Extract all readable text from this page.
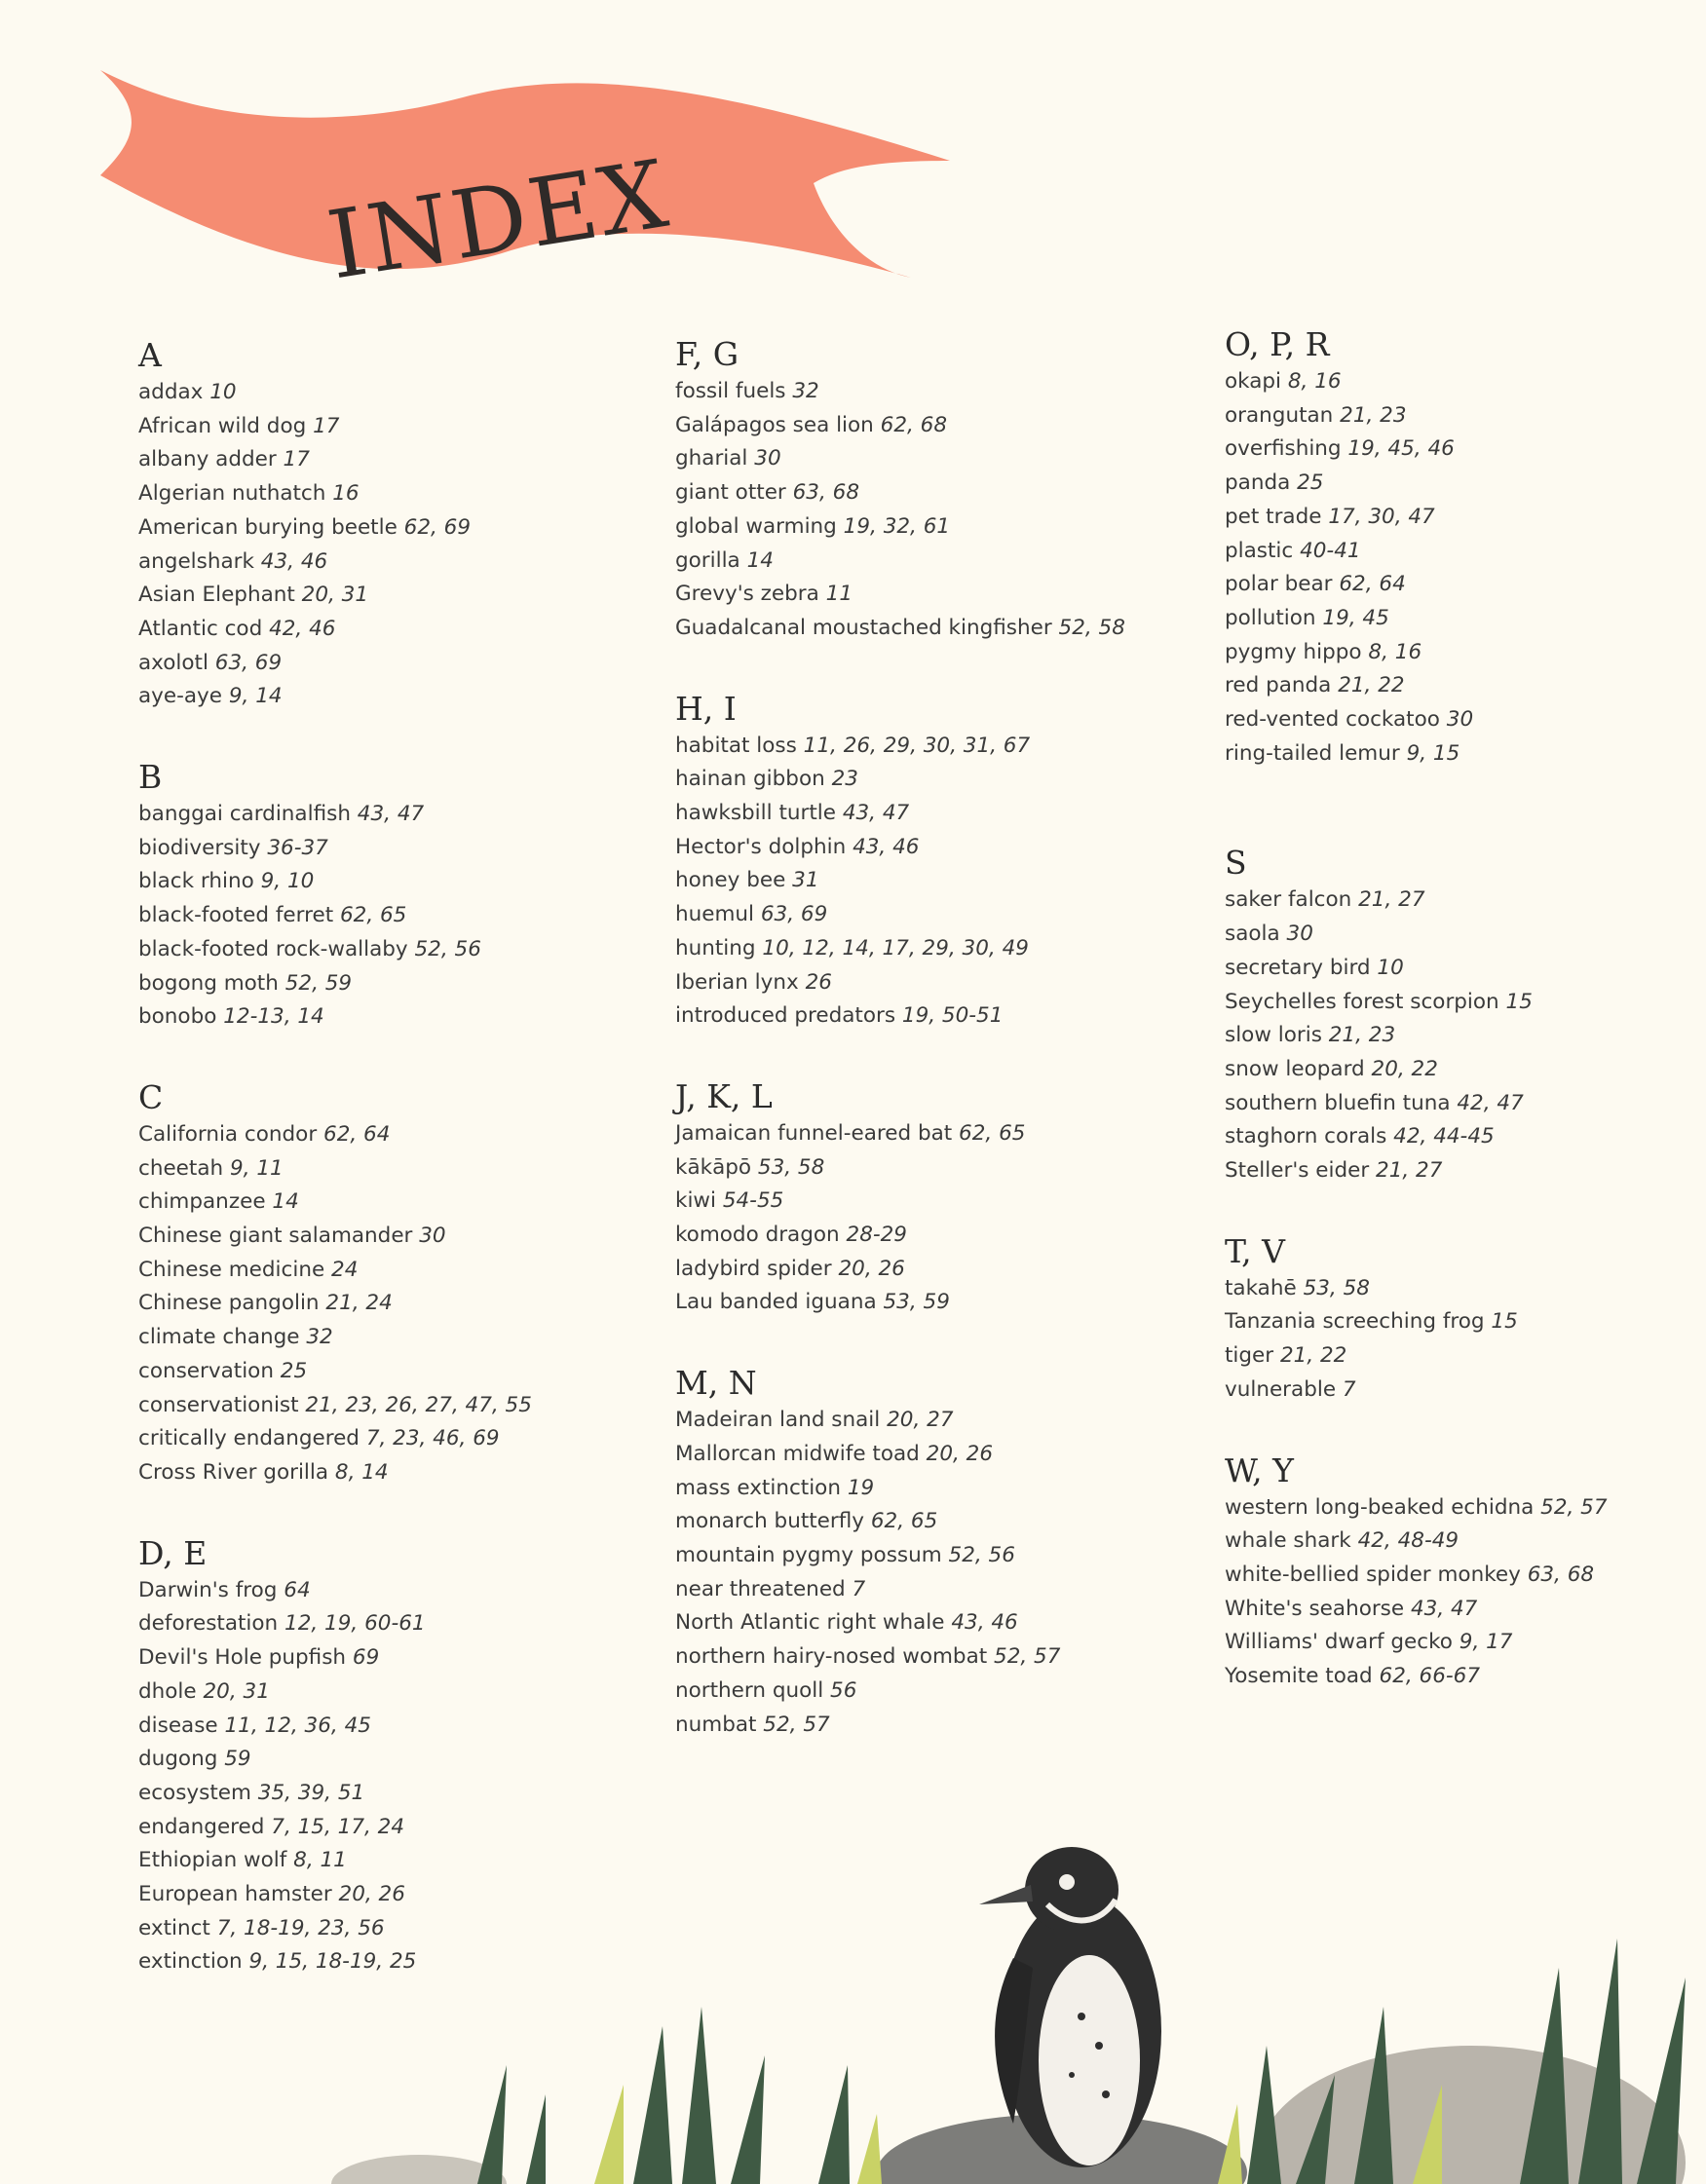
INDEX
A
addax 10
African wild dog 17
albany adder 17
Algerian nuthatch 16
American burying beetle 62, 69
angelshark 43, 46
Asian Elephant 20, 31
Atlantic cod 42, 46
axolotl 63, 69
aye-aye 9, 14
B
banggai cardinalfish 43, 47
biodiversity 36-37
black rhino 9, 10
black-footed ferret 62, 65
black-footed rock-wallaby 52, 56
bogong moth 52, 59
bonobo 12-13, 14
C
California condor 62, 64
cheetah 9, 11
chimpanzee 14
Chinese giant salamander 30
Chinese medicine 24
Chinese pangolin 21, 24
climate change 32
conservation 25
conservationist 21, 23, 26, 27, 47, 55
critically endangered 7, 23, 46, 69
Cross River gorilla 8, 14
D, E
Darwin's frog 64
deforestation 12, 19, 60-61
Devil's Hole pupfish 69
dhole 20, 31
disease 11, 12, 36, 45
dugong 59
ecosystem 35, 39, 51
endangered 7, 15, 17, 24
Ethiopian wolf 8, 11
European hamster 20, 26
extinct 7, 18-19, 23, 56
extinction 9, 15, 18-19, 25
F, G
fossil fuels 32
Galápagos sea lion 62, 68
gharial 30
giant otter 63, 68
global warming 19, 32, 61
gorilla 14
Grevy's zebra 11
Guadalcanal moustached kingfisher 52, 58
H, I
habitat loss 11, 26, 29, 30, 31, 67
hainan gibbon 23
hawksbill turtle 43, 47
Hector's dolphin 43, 46
honey bee 31
huemul 63, 69
hunting 10, 12, 14, 17, 29, 30, 49
Iberian lynx 26
introduced predators 19, 50-51
J, K, L
Jamaican funnel-eared bat 62, 65
kākāpō 53, 58
kiwi 54-55
komodo dragon 28-29
ladybird spider 20, 26
Lau banded iguana 53, 59
M, N
Madeiran land snail 20, 27
Mallorcan midwife toad 20, 26
mass extinction 19
monarch butterfly 62, 65
mountain pygmy possum 52, 56
near threatened 7
North Atlantic right whale 43, 46
northern hairy-nosed wombat 52, 57
northern quoll 56
numbat 52, 57
O, P, R
okapi 8, 16
orangutan 21, 23
overfishing 19, 45, 46
panda 25
pet trade 17, 30, 47
plastic 40-41
polar bear 62, 64
pollution 19, 45
pygmy hippo 8, 16
red panda 21, 22
red-vented cockatoo 30
ring-tailed lemur 9, 15
S
saker falcon 21, 27
saola 30
secretary bird 10
Seychelles forest scorpion 15
slow loris 21, 23
snow leopard 20, 22
southern bluefin tuna 42, 47
staghorn corals 42, 44-45
Steller's eider 21, 27
T, V
takahē 53, 58
Tanzania screeching frog 15
tiger 21, 22
vulnerable 7
W, Y
western long-beaked echidna 52, 57
whale shark 42, 48-49
white-bellied spider monkey 63, 68
White's seahorse 43, 47
Williams' dwarf gecko 9, 17
Yosemite toad 62, 66-67
